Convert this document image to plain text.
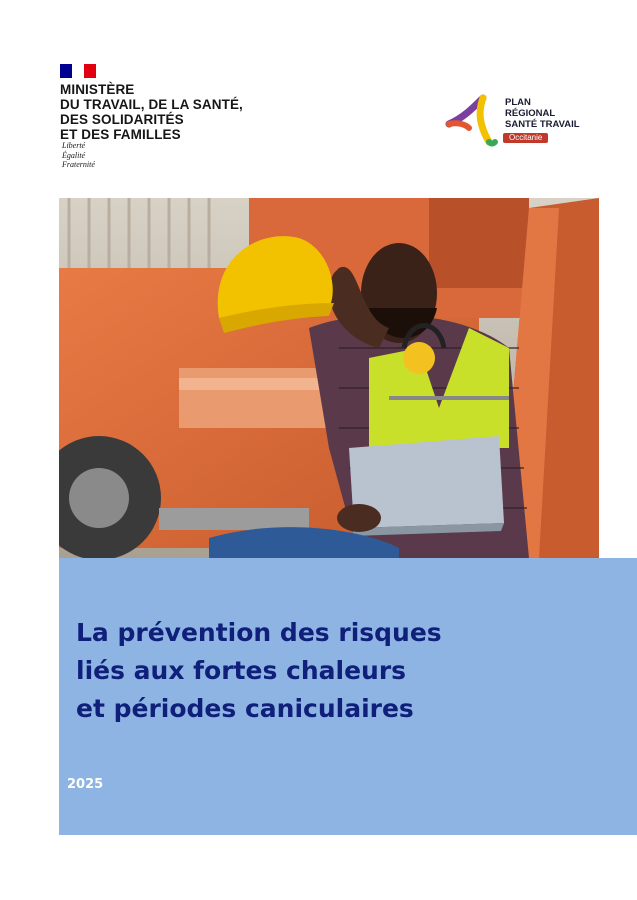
MINISTÈRE
DU TRAVAIL, DE LA SANTÉ,
DES SOLIDARITÉS
ET DES FAMILLES
Liberté
Égalité
Fraternité
PLAN
RÉGIONAL
SANTÉ TRAVAIL
Occitanie
La prévention des risques
liés aux fortes chaleurs
et périodes caniculaires
2025
